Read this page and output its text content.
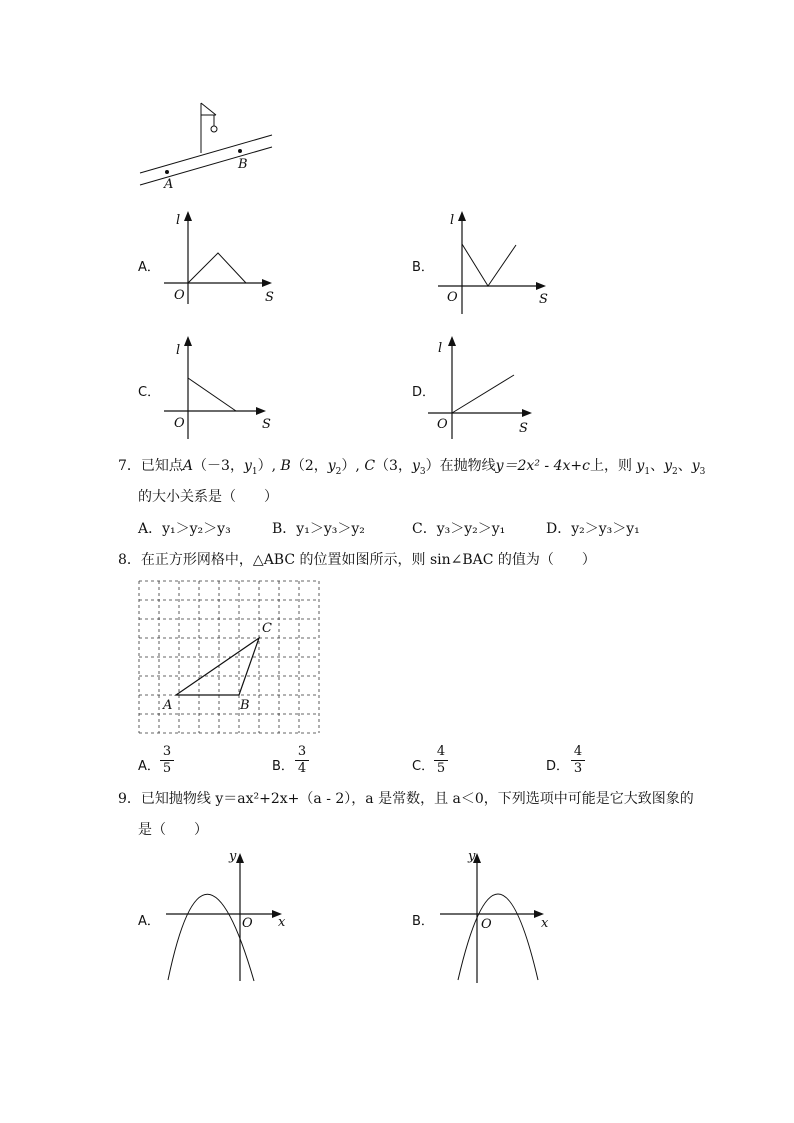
A
B
A．
l
O	S
B．
l
O	S
C．
l
O	S
D．
l
O	S
7．已知点A（－3，$y_1$）, B（2，$y_2$）, C（3，$y_3$）在抛物线y＝2x² - 4x+c上，则 $y_1$、$y_2$、$y_3$
的大小关系是（　　）
A．y₁＞y₂＞y₃	B．y₁＞y₃＞y₂	C．y₃＞y₂＞y₁	D．y₂＞y₃＞y₁
8．在正方形网格中，△ABC 的位置如图所示，则 sin∠BAC 的值为（　　）
A	B
C
A．
3
5	B．
3
4	C．
4
5	D．
4
3
9．已知抛物线 y＝ax²+2x+（a - 2），a 是常数，且 a＜0，下列选项中可能是它大致图象的
是（　　）
A．
y
O x	B．
y
O	x
